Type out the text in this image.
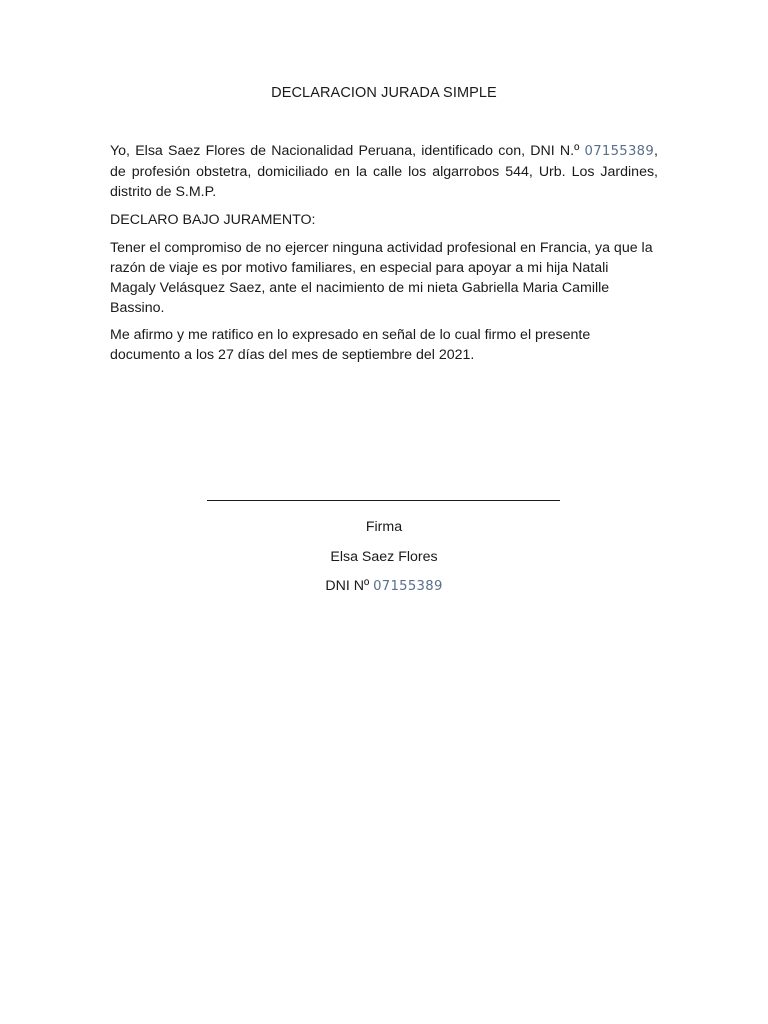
DECLARACION JURADA SIMPLE
Yo, Elsa Saez Flores de Nacionalidad Peruana, identificado con, DNI N.º 07155389, de profesión obstetra, domiciliado en la calle los algarrobos 544, Urb. Los Jardines, distrito de S.M.P.
DECLARO BAJO JURAMENTO:
Tener el compromiso de no ejercer ninguna actividad profesional en Francia, ya que la razón de viaje es por motivo familiares, en especial para apoyar a mi hija Natali Magaly Velásquez Saez, ante el nacimiento de mi nieta Gabriella Maria Camille Bassino.
Me afirmo y me ratifico en lo expresado en señal de lo cual firmo el presente documento a los 27 días del mes de septiembre del 2021.
Firma
Elsa Saez Flores
DNI Nº 07155389
